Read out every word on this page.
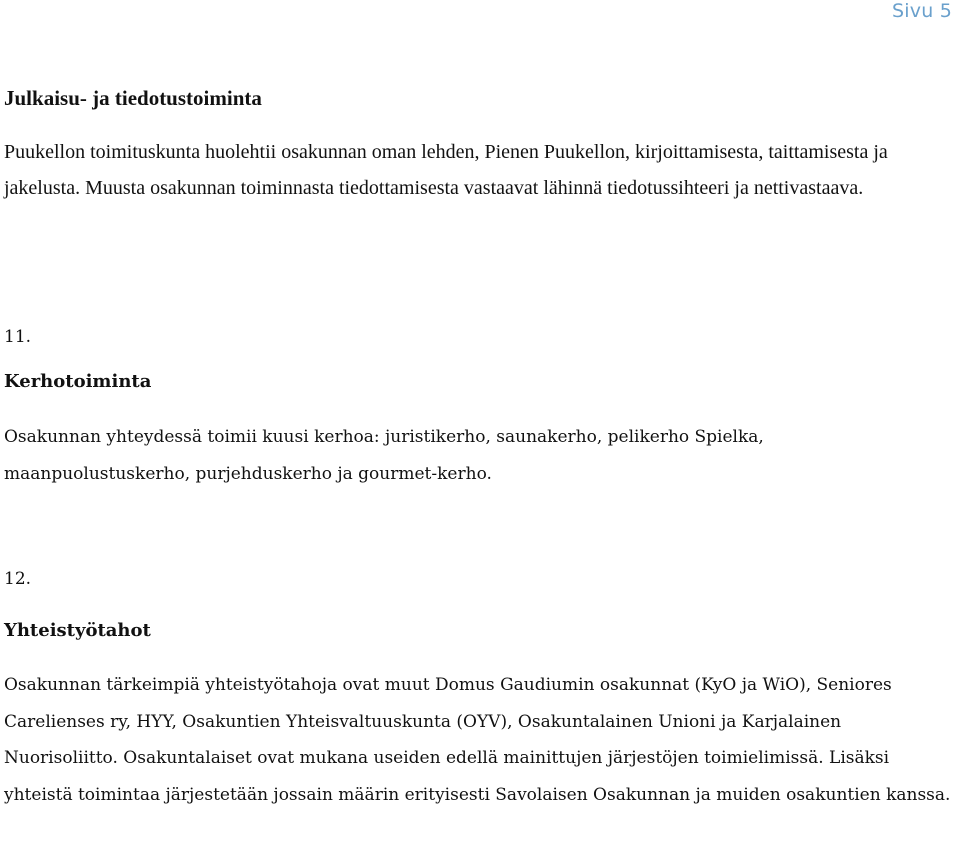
Sivu 5
Julkaisu- ja tiedotustoiminta

Puukellon toimituskunta huolehtii osakunnan oman lehden, Pienen Puukellon, kirjoittamisesta, taittamisesta ja jakelusta. Muusta osakunnan toiminnasta tiedottamisesta vastaavat lähinnä tiedotussihteeri ja nettivastaava.

11.
Kerhotoiminta

Osakunnan yhteydessä toimii kuusi kerhoa: juristikerho, saunakerho, pelikerho Spielka, maanpuolustuskerho, purjehduskerho ja gourmet-kerho.

12.
Yhteistyötahot

Osakunnan tärkeimpiä yhteistyötahoja ovat muut Domus Gaudiumin osakunnat (KyO ja WiO), Seniores Carelienses ry, HYY, Osakuntien Yhteisvaltuuskunta (OYV), Osakuntalainen Unioni ja Karjalainen Nuorisoliitto. Osakuntalaiset ovat mukana useiden edellä mainittujen järjestöjen toimielimissä. Lisäksi yhteistä toimintaa järjestetään jossain määrin erityisesti Savolaisen Osakunnan ja muiden osakuntien kanssa.
